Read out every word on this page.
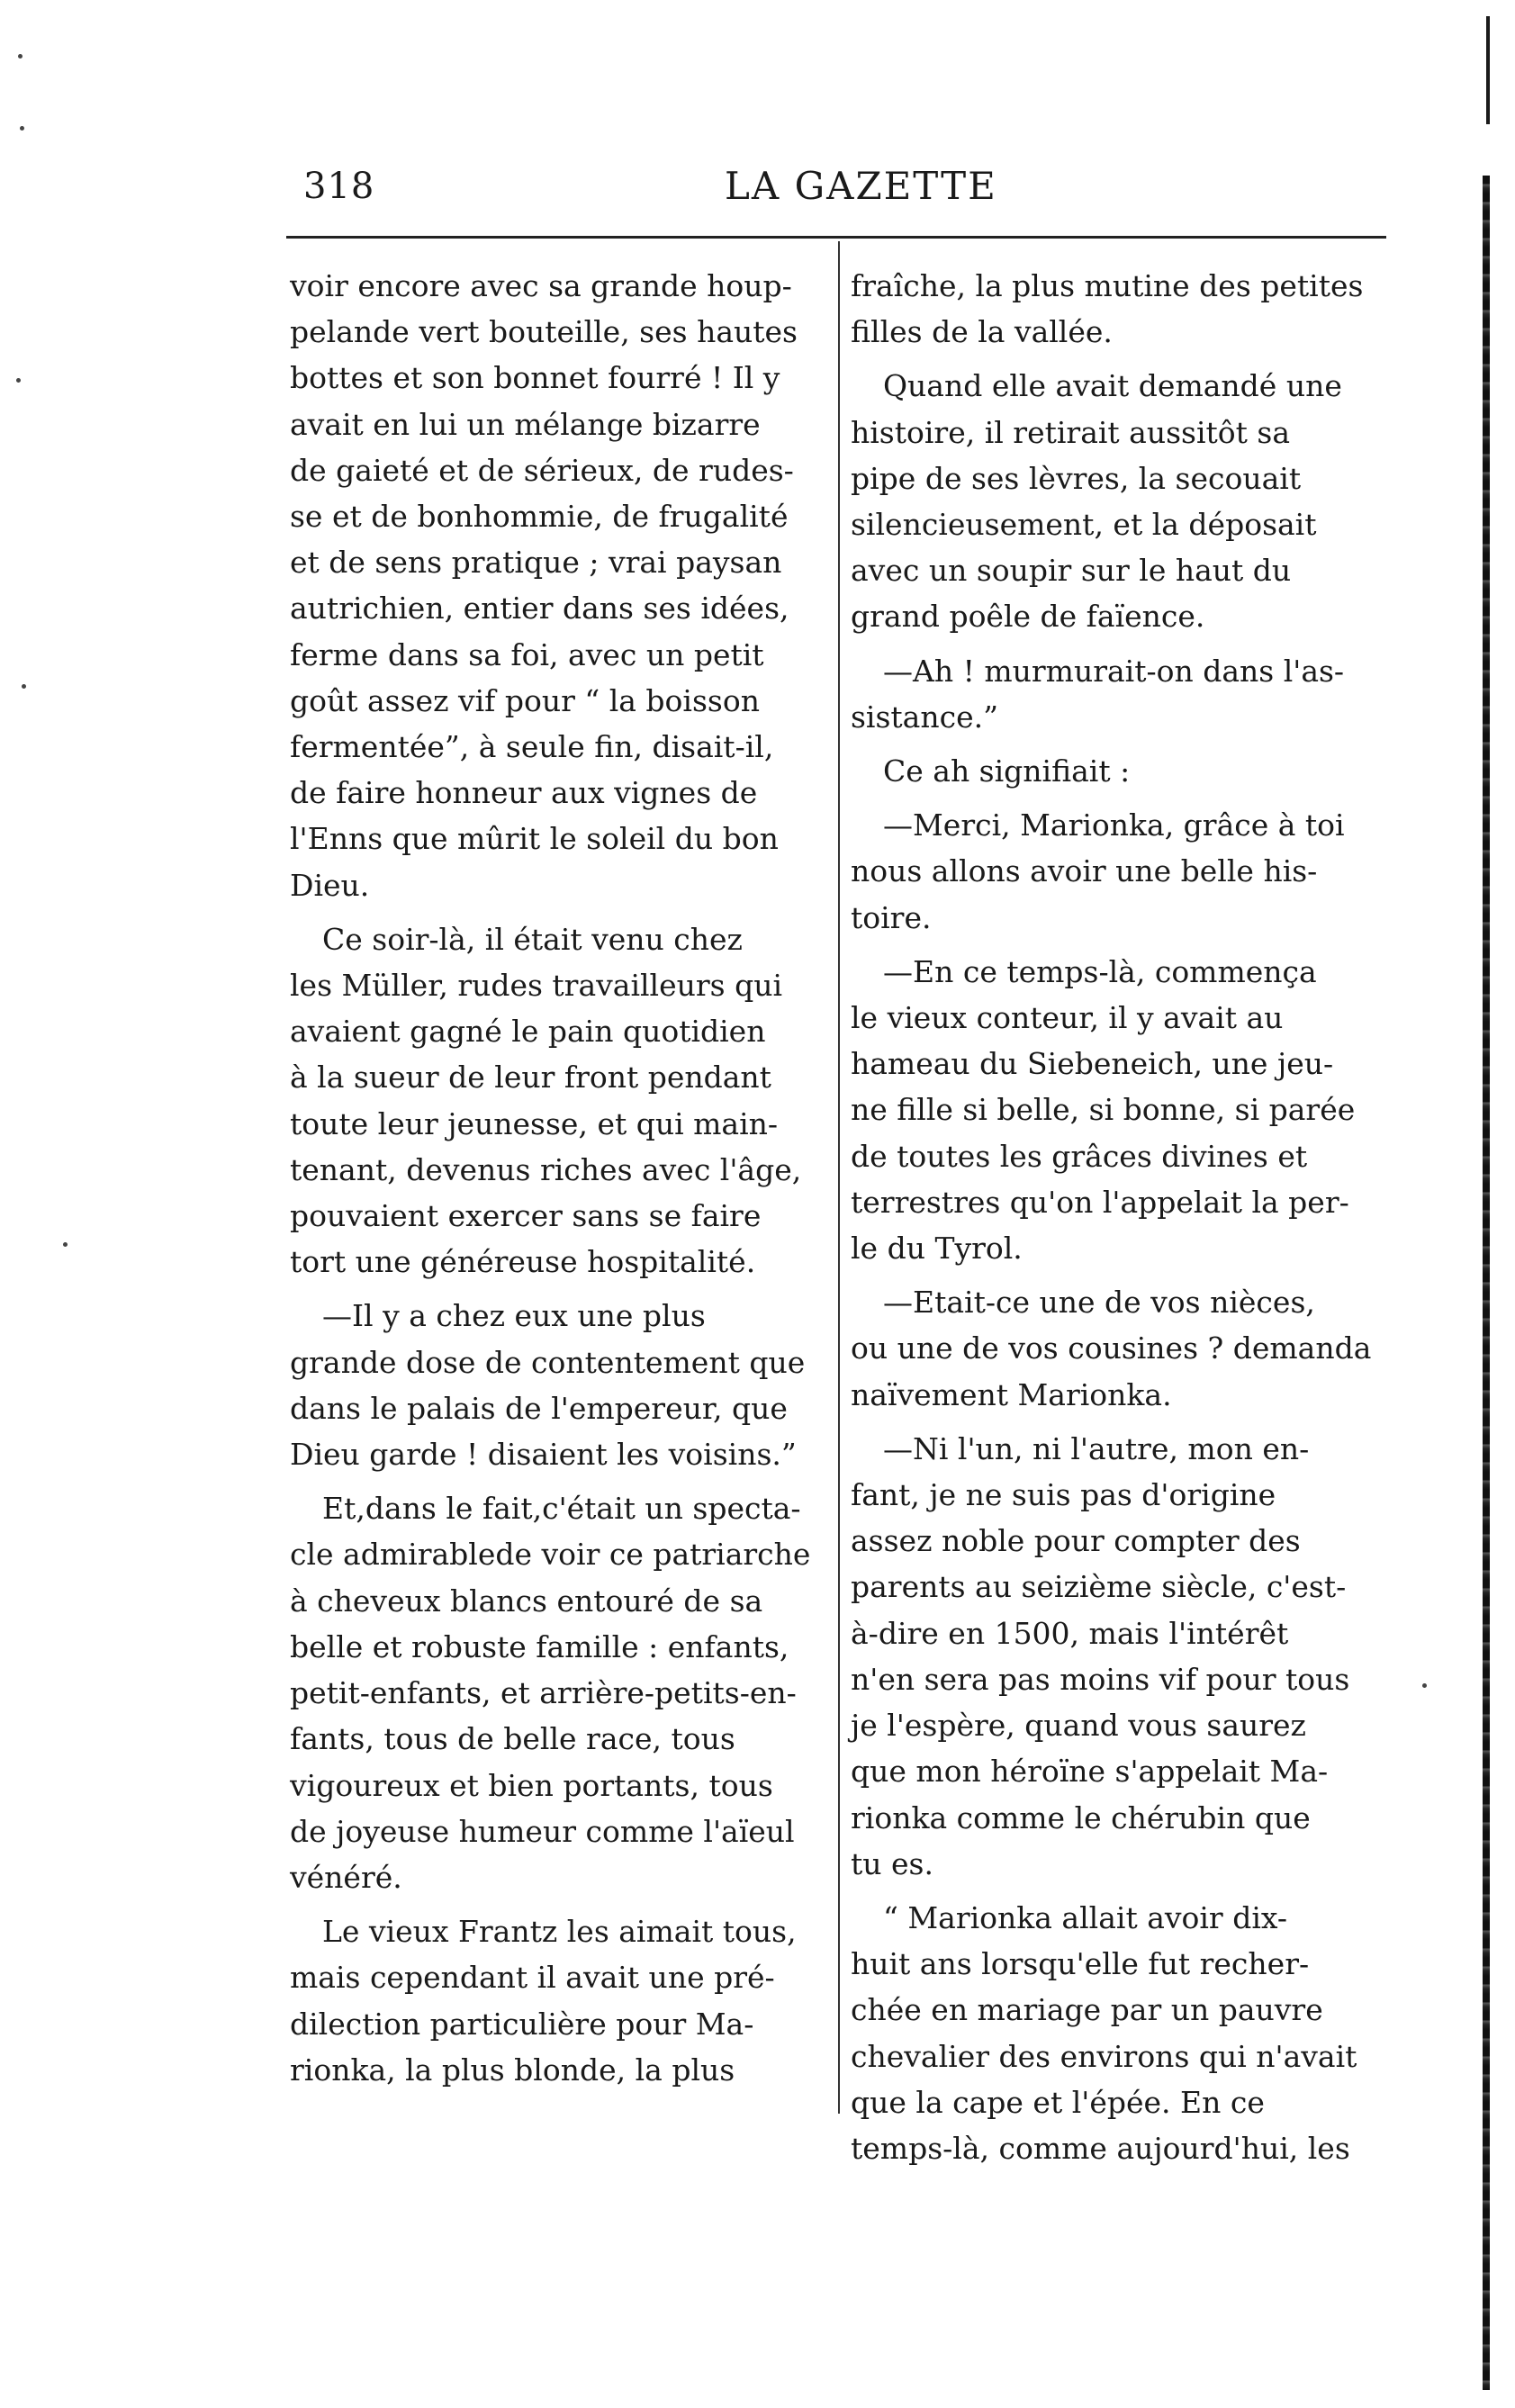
318	LA GAZETTE

voir encore avec sa grande houp-
pelande vert bouteille, ses hautes
bottes et son bonnet fourré ! Il y
avait en lui un mélange bizarre
de gaieté et de sérieux, de rudes-
se et de bonhommie, de frugalité
et de sens pratique ; vrai paysan
autrichien, entier dans ses idées,
ferme dans sa foi, avec un petit
goût assez vif pour “ la boisson
fermentée”, à seule fin, disait-il,
de faire honneur aux vignes de
l'Enns que mûrit le soleil du bon
Dieu.

Ce soir-là, il était venu chez
les Müller, rudes travailleurs qui
avaient gagné le pain quotidien
à la sueur de leur front pendant
toute leur jeunesse, et qui main-
tenant, devenus riches avec l'âge,
pouvaient exercer sans se faire
tort une généreuse hospitalité.

—Il y a chez eux une plus
grande dose de contentement que
dans le palais de l'empereur, que
Dieu garde ! disaient les voisins.”

Et,dans le fait,c'était un specta-
cle admirablede voir ce patriarche
à cheveux blancs entouré de sa
belle et robuste famille : enfants,
petit-enfants, et arrière-petits-en-
fants, tous de belle race, tous
vigoureux et bien portants, tous
de joyeuse humeur comme l'aïeul
vénéré.

Le vieux Frantz les aimait tous,
mais cependant il avait une pré-
dilection particulière pour Ma-
rionka, la plus blonde, la plus

fraîche, la plus mutine des petites
filles de la vallée.

Quand elle avait demandé une
histoire, il retirait aussitôt sa
pipe de ses lèvres, la secouait
silencieusement, et la déposait
avec un soupir sur le haut du
grand poêle de faïence.

—Ah ! murmurait-on dans l'as-
sistance.”

Ce ah signifiait :

—Merci, Marionka, grâce à toi
nous allons avoir une belle his-
toire.

—En ce temps-là, commença
le vieux conteur, il y avait au
hameau du Siebeneich, une jeu-
ne fille si belle, si bonne, si parée
de toutes les grâces divines et
terrestres qu'on l'appelait la per-
le du Tyrol.

—Etait-ce une de vos nièces,
ou une de vos cousines ? demanda
naïvement Marionka.

—Ni l'un, ni l'autre, mon en-
fant, je ne suis pas d'origine
assez noble pour compter des
parents au seizième siècle, c'est-
à-dire en 1500, mais l'intérêt
n'en sera pas moins vif pour tous
je l'espère, quand vous saurez
que mon héroïne s'appelait Ma-
rionka comme le chérubin que
tu es.

“ Marionka allait avoir dix-
huit ans lorsqu'elle fut recher-
chée en mariage par un pauvre
chevalier des environs qui n'avait
que la cape et l'épée. En ce
temps-là, comme aujourd'hui, les
